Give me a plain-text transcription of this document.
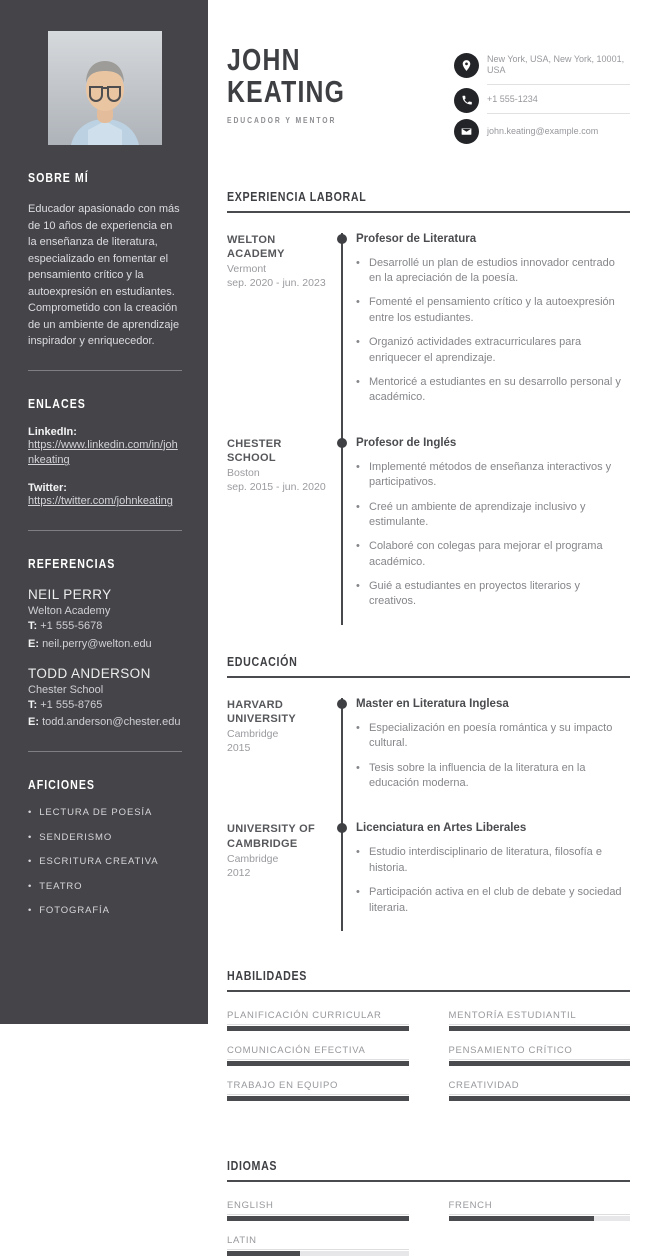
SOBRE MÍ

Educador apasionado con más de 10 años de experiencia en la enseñanza de literatura, especializado en fomentar el pensamiento crítico y la autoexpresión en estudiantes. Comprometido con la creación de un ambiente de aprendizaje inspirador y enriquecedor.

ENLACES
LinkedIn:
https://www.linkedin.com/in/johnkeating
Twitter:
https://twitter.com/johnkeating
REFERENCIAS
NEIL PERRY
Welton Academy
T: +1 555-5678
E: neil.perry@welton.edu
TODD ANDERSON
Chester School
T: +1 555-8765
E: todd.anderson@chester.edu
AFICIONES
• LECTURA DE POESÍA
• SENDERISMO
• ESCRITURA CREATIVA
• TEATRO
• FOTOGRAFÍA
JOHN
KEATING
EDUCADOR Y MENTOR
New York, USA, New York, 10001, USA
+1 555-1234
john.keating@example.com
EXPERIENCIA LABORAL
WELTON ACADEMY
Vermont
sep. 2020 - jun. 2023
Profesor de Literatura
• Desarrollé un plan de estudios innovador centrado en la apreciación de la poesía.
• Fomenté el pensamiento crítico y la autoexpresión entre los estudiantes.
• Organizó actividades extracurriculares para enriquecer el aprendizaje.
• Mentoricé a estudiantes en su desarrollo personal y académico.
CHESTER SCHOOL
Boston
sep. 2015 - jun. 2020
Profesor de Inglés
• Implementé métodos de enseñanza interactivos y participativos.
• Creé un ambiente de aprendizaje inclusivo y estimulante.
• Colaboré con colegas para mejorar el programa académico.
• Guié a estudiantes en proyectos literarios y creativos.
EDUCACIÓN
HARVARD UNIVERSITY
Cambridge
2015
Master en Literatura Inglesa
• Especialización en poesía romántica y su impacto cultural.
• Tesis sobre la influencia de la literatura en la educación moderna.
UNIVERSITY OF CAMBRIDGE
Cambridge
2012
Licenciatura en Artes Liberales
• Estudio interdisciplinario de literatura, filosofía e historia.
• Participación activa en el club de debate y sociedad literaria.
HABILIDADES
PLANIFICACIÓN CURRICULAR	MENTORÍA ESTUDIANTIL
COMUNICACIÓN EFECTIVA	PENSAMIENTO CRÍTICO
TRABAJO EN EQUIPO	CREATIVIDAD
IDIOMAS
ENGLISH	FRENCH
LATIN
